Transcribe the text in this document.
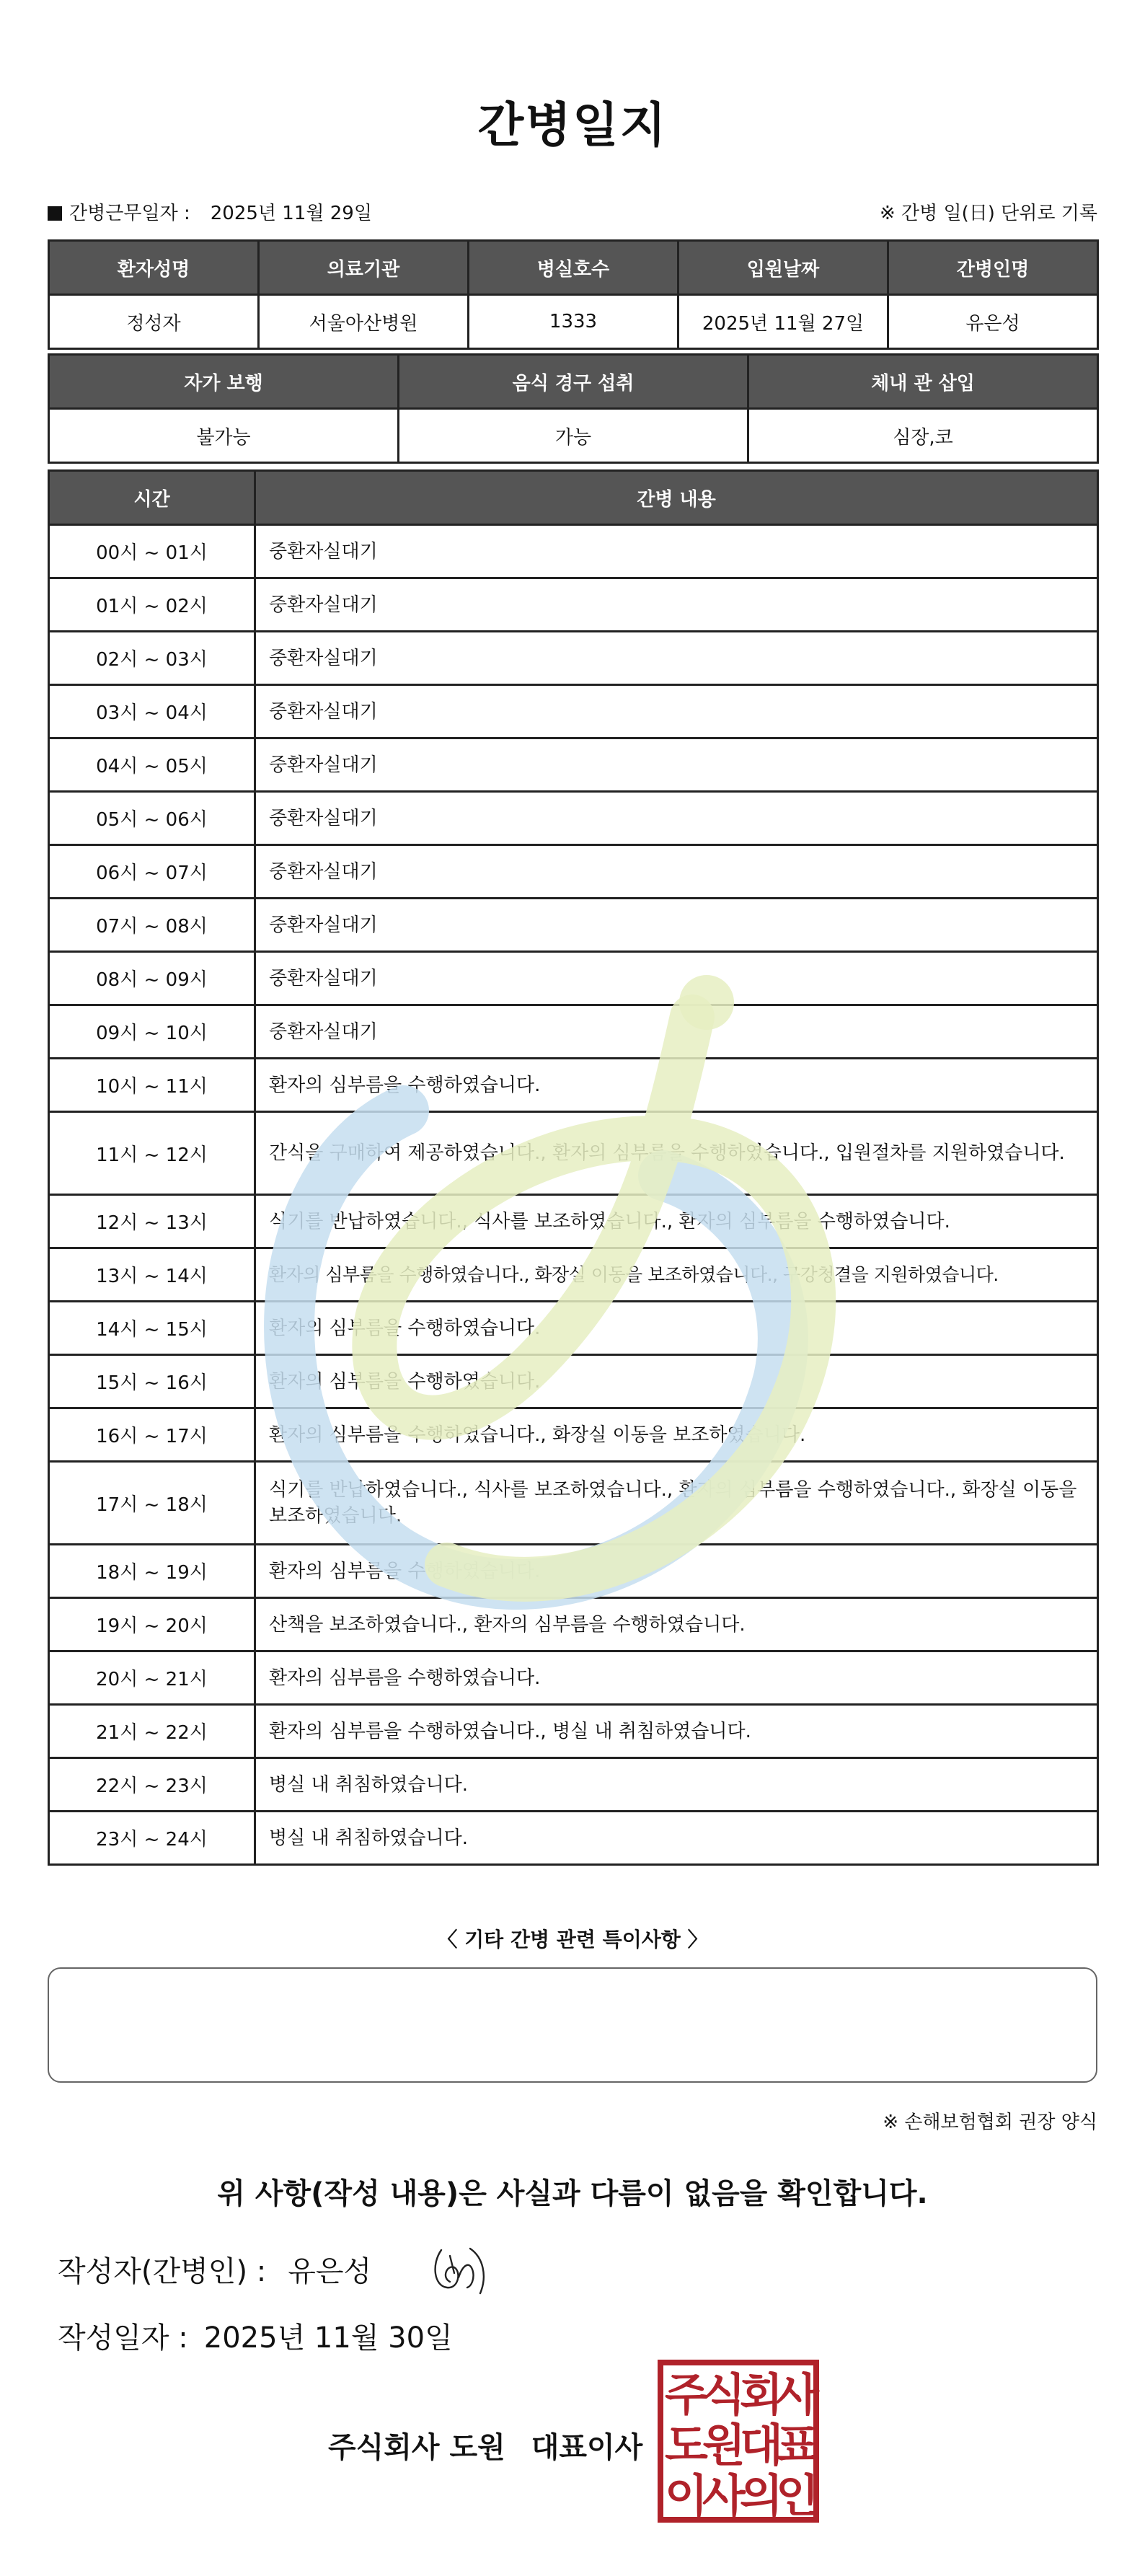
간병일지
간병근무일자 : 2025년 11월 29일	※ 간병 일(日) 단위로 기록
환자성명	의료기관	병실호수	입원날짜	간병인명
정성자	서울아산병원	1333	2025년 11월 27일	유은성
자가 보행	음식 경구 섭취	체내 관 삽입
불가능	가능	심장,코
시간	간병 내용
00시 ~ 01시	중환자실대기
01시 ~ 02시	중환자실대기
02시 ~ 03시	중환자실대기
03시 ~ 04시	중환자실대기
04시 ~ 05시	중환자실대기
05시 ~ 06시	중환자실대기
06시 ~ 07시	중환자실대기
07시 ~ 08시	중환자실대기
08시 ~ 09시	중환자실대기
09시 ~ 10시	중환자실대기
10시 ~ 11시	환자의 심부름을 수행하였습니다.
11시 ~ 12시	간식을 구매하여 제공하였습니다., 환자의 심부름을 수행하였습니다., 입원절차를 지원하였습니다.
12시 ~ 13시	식기를 반납하였습니다., 식사를 보조하였습니다., 환자의 심부름을 수행하였습니다.
13시 ~ 14시	환자의 심부름을 수행하였습니다., 화장실 이동을 보조하였습니다., 구강청결을 지원하였습니다.
14시 ~ 15시	환자의 심부름을 수행하였습니다.
15시 ~ 16시	환자의 심부름을 수행하였습니다.
16시 ~ 17시	환자의 심부름을 수행하였습니다., 화장실 이동을 보조하였습니다.
17시 ~ 18시	식기를 반납하였습니다., 식사를 보조하였습니다., 환자의 심부름을 수행하였습니다., 화장실 이동을 보조하였습니다.
18시 ~ 19시	환자의 심부름을 수행하였습니다.
19시 ~ 20시	산책을 보조하였습니다., 환자의 심부름을 수행하였습니다.
20시 ~ 21시	환자의 심부름을 수행하였습니다.
21시 ~ 22시	환자의 심부름을 수행하였습니다., 병실 내 취침하였습니다.
22시 ~ 23시	병실 내 취침하였습니다.
23시 ~ 24시	병실 내 취침하였습니다.
〈 기타 간병 관련 특이사항 〉
※ 손해보험협회 권장 양식
위 사항(작성 내용)은 사실과 다름이 없음을 확인합니다.
작성자(간병인) : 유은성
작성일자 : 2025년 11월 30일
주식회사 도원 대표이사
주
식
회
사
도
원
대
표
이
사
의
인
